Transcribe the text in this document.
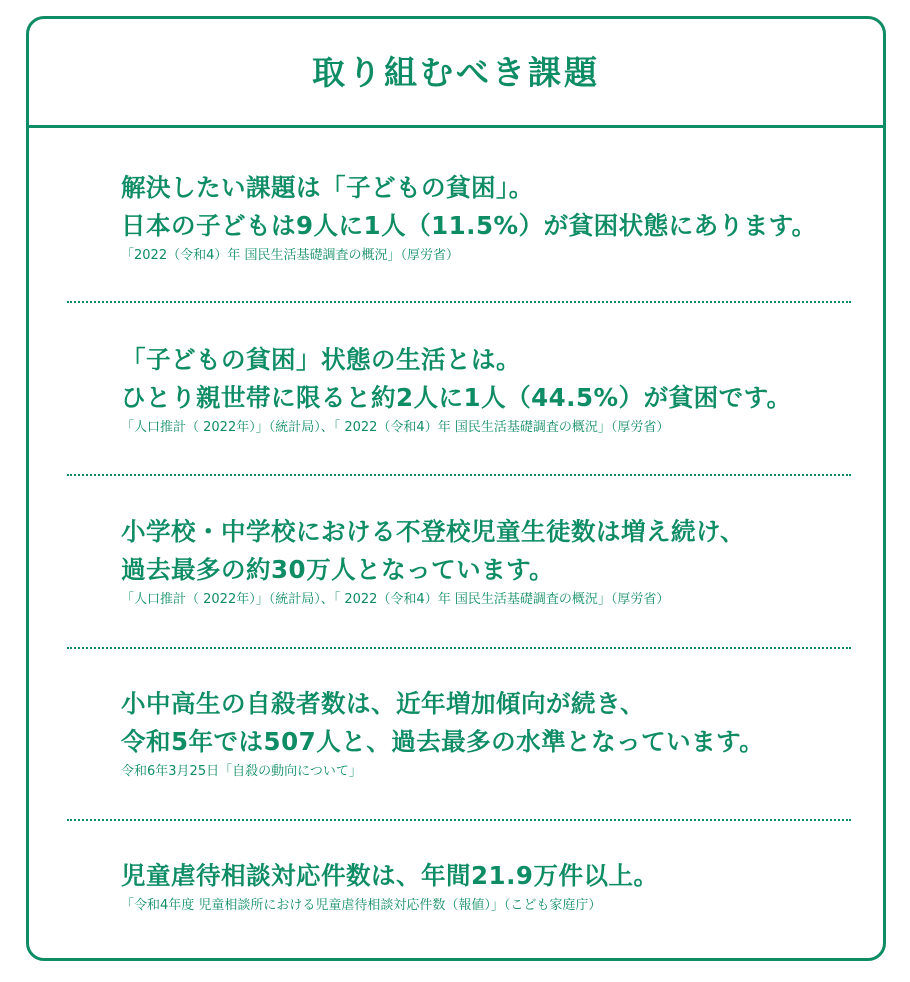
取り組むべき課題
解決したい課題は「子どもの貧困」。
日本の子どもは9人に1人（11.5%）が貧困状態にあります。
「2022（令和4）年 国民生活基礎調査の概況」（厚労省）
「子どもの貧困」状態の生活とは。
ひとり親世帯に限ると約2人に1人（44.5%）が貧困です。
「人口推計（ 2022年）」（統計局）、「 2022（令和4）年 国民生活基礎調査の概況」（厚労省）
小学校・中学校における不登校児童生徒数は増え続け、
過去最多の約30万人となっています。
「人口推計（ 2022年）」（統計局）、「 2022（令和4）年 国民生活基礎調査の概況」（厚労省）
小中高生の自殺者数は、近年増加傾向が続き、
令和5年では507人と、過去最多の水準となっています。
令和6年3月25日「自殺の動向について」
児童虐待相談対応件数は、年間21.9万件以上。
「令和4年度 児童相談所における児童虐待相談対応件数（報値）」（こども家庭庁）
